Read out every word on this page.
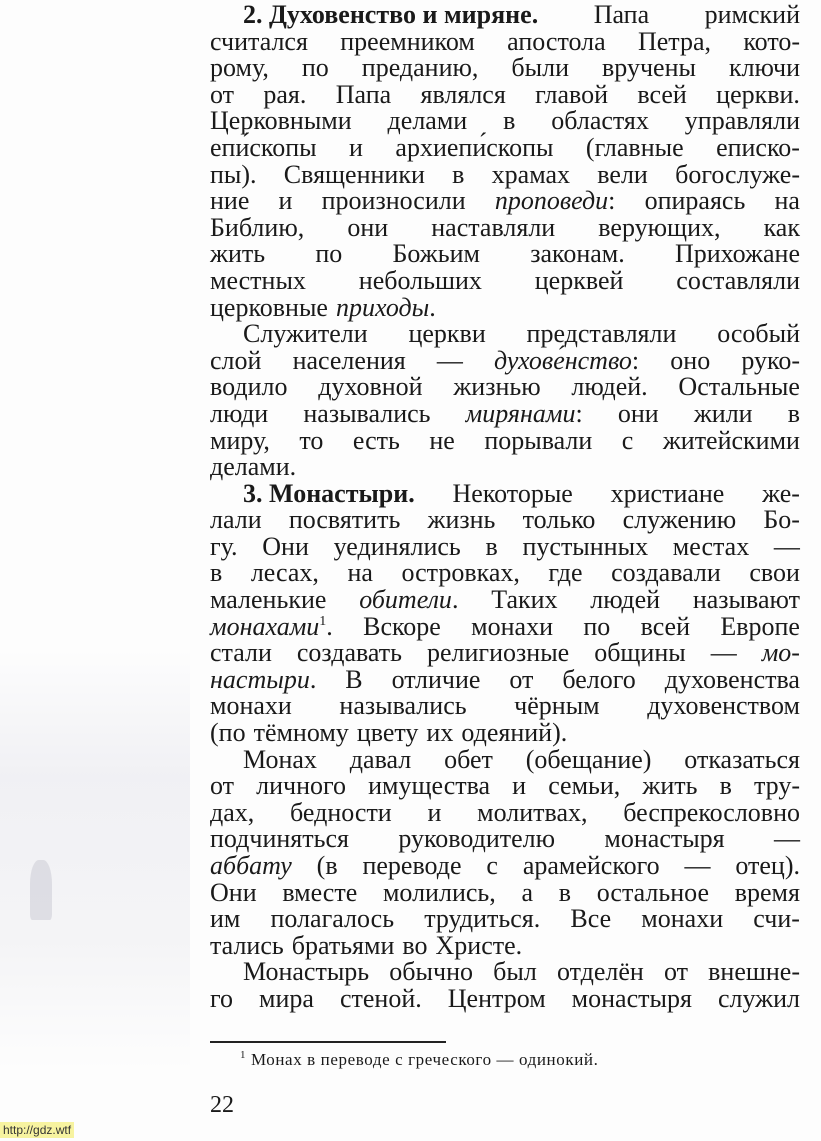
2. Духовенство и миряне. Папа римский
считался преемником апостола Петра, кото-
рому, по преданию, были вручены ключи
от рая. Папа являлся главой всей церкви.
Церковными делами в областях управляли
епи́скопы и архиепи́скопы (главные еписко-
пы). Священники в храмах вели богослуже-
ние и произносили проповеди: опираясь на
Библию, они наставляли верующих, как
жить по Божьим законам. Прихожане
местных небольших церквей составляли
церковные приходы.
Служители церкви представляли особый
слой населения — духове́нство: оно руко-
водило духовной жизнью людей. Остальные
люди назывались мирянами: они жили в
миру, то есть не порывали с житейскими
делами.
3. Монастыри. Некоторые христиане же-
лали посвятить жизнь только служению Бо-
гу. Они уединялись в пустынных местах —
в лесах, на островках, где создавали свои
маленькие обители. Таких людей называют
монахами$^1$. Вскоре монахи по всей Европе
стали создавать религиозные общины — мо-
настыри. В отличие от белого духовенства
монахи назывались чёрным духовенством
(по тёмному цвету их одеяний).
Монах давал обет (обещание) отказаться
от личного имущества и семьи, жить в тру-
дах, бедности и молитвах, беспрекословно
подчиняться руководителю монастыря —
аббату (в переводе с арамейского — отец).
Они вместе молились, а в остальное время
им полагалось трудиться. Все монахи счи-
тались братьями во Христе.
Монастырь обычно был отделён от внешне-
го мира стеной. Центром монастыря служил
$^1$ Монах в переводе с греческого — одинокий.
22
http://gdz.wtf
